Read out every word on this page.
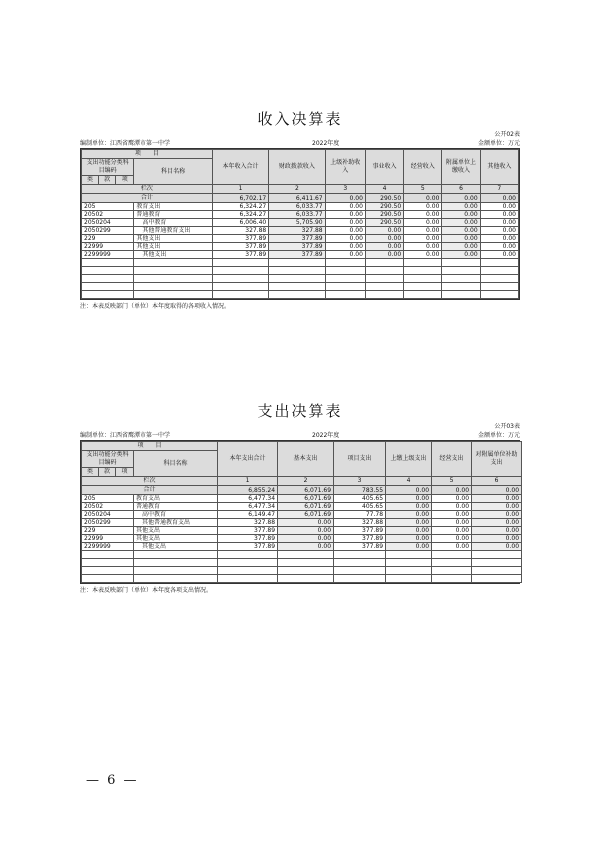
收入决算表

公开02表
编制单位：江西省鹰潭市第一中学	2022年度	金额单位：万元
项　　目				本年收入合计	财政拨款收入	上级补助收入	事业收入	经营收入	附属单位上缴收入	其他收入
支出功能分类科目编码			科目名称							
类	款	项								
栏次				1	2	3	4	5	6	7
合计				6,702.17	6,411.67	0.00	290.50	0.00	0.00	0.00
205			教育支出	6,324.27	6,033.77	0.00	290.50	0.00	0.00	0.00
20502			普通教育	6,324.27	6,033.77	0.00	290.50	0.00	0.00	0.00
2050204			　高中教育	6,006.40	5,705.90	0.00	290.50	0.00	0.00	0.00
2050299			　其他普通教育支出	327.88	327.88	0.00	0.00	0.00	0.00	0.00
229			其他支出	377.89	377.89	0.00	0.00	0.00	0.00	0.00
22999			其他支出	377.89	377.89	0.00	0.00	0.00	0.00	0.00
2299999			　其他支出	377.89	377.89	0.00	0.00	0.00	0.00	0.00

注：本表反映部门（单位）本年度取得的各项收入情况。

支出决算表

公开03表
编制单位：江西省鹰潭市第一中学	2022年度	金额单位：万元
项　　目				本年支出合计	基本支出	项目支出	上缴上级支出	经营支出	对附属单位补助支出
支出功能分类科目编码			科目名称						
类	款	项							
栏次				1	2	3	4	5	6
合计				6,855.24	6,071.69	783.55	0.00	0.00	0.00
205			教育支出	6,477.34	6,071.69	405.65	0.00	0.00	0.00
20502			普通教育	6,477.34	6,071.69	405.65	0.00	0.00	0.00
2050204			　高中教育	6,149.47	6,071.69	77.78	0.00	0.00	0.00
2050299			　其他普通教育支出	327.88	0.00	327.88	0.00	0.00	0.00
229			其他支出	377.89	0.00	377.89	0.00	0.00	0.00
22999			其他支出	377.89	0.00	377.89	0.00	0.00	0.00
2299999			　其他支出	377.89	0.00	377.89	0.00	0.00	0.00

注：本表反映部门（单位）本年度各项支出情况。
— 6 —
